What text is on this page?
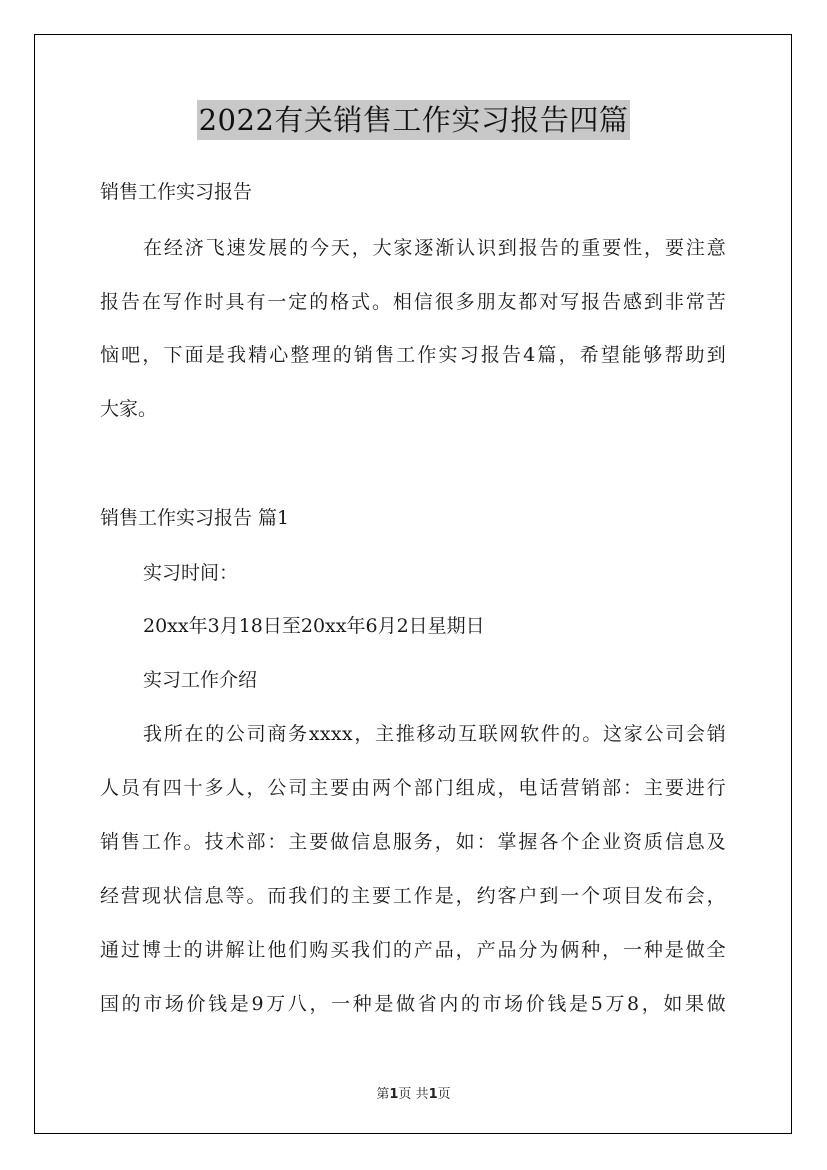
2022有关销售工作实习报告四篇
销售工作实习报告
在经济飞速发展的今天，大家逐渐认识到报告的重要性，要注意
报告在写作时具有一定的格式。相信很多朋友都对写报告感到非常苦
恼吧，下面是我精心整理的销售工作实习报告4篇，希望能够帮助到
大家。
销售工作实习报告 篇1
实习时间：
20xx年3月18日至20xx年6月2日星期日
实习工作介绍
我所在的公司商务xxxx，主推移动互联网软件的。这家公司会销
人员有四十多人，公司主要由两个部门组成，电话营销部：主要进行
销售工作。技术部：主要做信息服务，如：掌握各个企业资质信息及
经营现状信息等。而我们的主要工作是，约客户到一个项目发布会，
通过博士的讲解让他们购买我们的产品，产品分为俩种，一种是做全
国的市场价钱是9万八，一种是做省内的市场价钱是5万8，如果做
第1页 共1页
